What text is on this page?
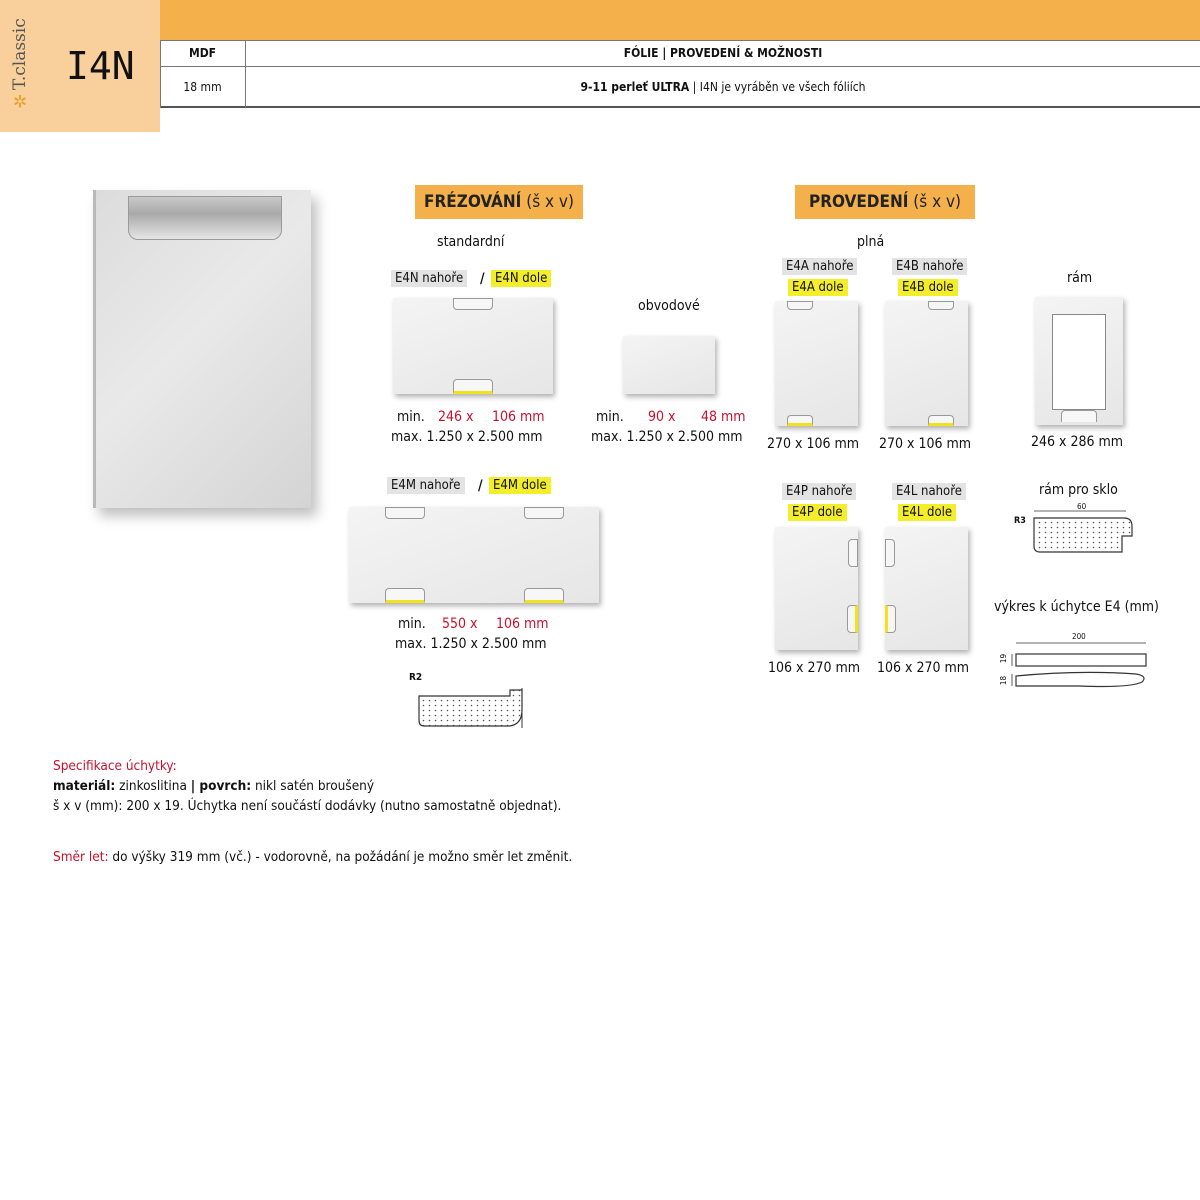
✲T.classic I4N	MDF	FÓLIE | PROVEDENÍ & MOŽNOSTI
18 mm	9-11 perleť ULTRA | I4N je vyráběn ve všech fóliích
FRÉZOVÁNÍ (š x v)
standardní
E4N nahoře / E4N dole
min. 246 x 106 mm
max. 1.250 x 2.500 mm
obvodové
min. 90 x 48 mm
max. 1.250 x 2.500 mm
E4M nahoře / E4M dole
min. 550 x 106 mm
max. 1.250 x 2.500 mm
R2
PROVEDENÍ (š x v)
plná
E4A nahoře
E4A dole
270 x 106 mm
E4B nahoře
E4B dole
270 x 106 mm
rám
246 x 286 mm
E4P nahoře
E4P dole
106 x 270 mm
E4L nahoře
E4L dole
106 x 270 mm
rám pro sklo
R3
60
výkres k úchytce E4 (mm)
200
19
18
Specifikace úchytky:
materiál: zinkoslitina | povrch: nikl satén broušený
š x v (mm): 200 x 19. Úchytka není součástí dodávky (nutno samostatně objednat).
Směr let: do výšky 319 mm (vč.) - vodorovně, na požádání je možno směr let změnit.
